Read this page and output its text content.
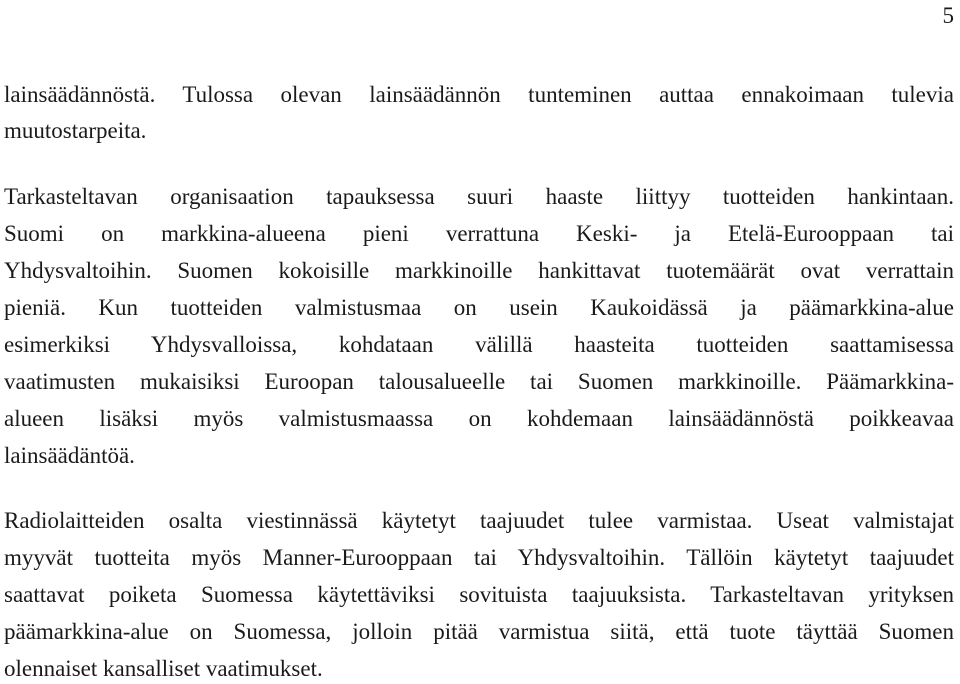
5
lainsäädännöstä. Tulossa olevan lainsäädännön tunteminen auttaa ennakoimaan tulevia
muutostarpeita.
Tarkasteltavan organisaation tapauksessa suuri haaste liittyy tuotteiden hankintaan.
Suomi on markkina-alueena pieni verrattuna Keski- ja Etelä-Eurooppaan tai
Yhdysvaltoihin. Suomen kokoisille markkinoille hankittavat tuotemäärät ovat verrattain
pieniä. Kun tuotteiden valmistusmaa on usein Kaukoidässä ja päämarkkina-alue
esimerkiksi Yhdysvalloissa, kohdataan välillä haasteita tuotteiden saattamisessa
vaatimusten mukaisiksi Euroopan talousalueelle tai Suomen markkinoille. Päämarkkina-
alueen lisäksi myös valmistusmaassa on kohdemaan lainsäädännöstä poikkeavaa
lainsäädäntöä.
Radiolaitteiden osalta viestinnässä käytetyt taajuudet tulee varmistaa. Useat valmistajat
myyvät tuotteita myös Manner-Eurooppaan tai Yhdysvaltoihin. Tällöin käytetyt taajuudet
saattavat poiketa Suomessa käytettäviksi sovituista taajuuksista. Tarkasteltavan yrityksen
päämarkkina-alue on Suomessa, jolloin pitää varmistua siitä, että tuote täyttää Suomen
olennaiset kansalliset vaatimukset.
